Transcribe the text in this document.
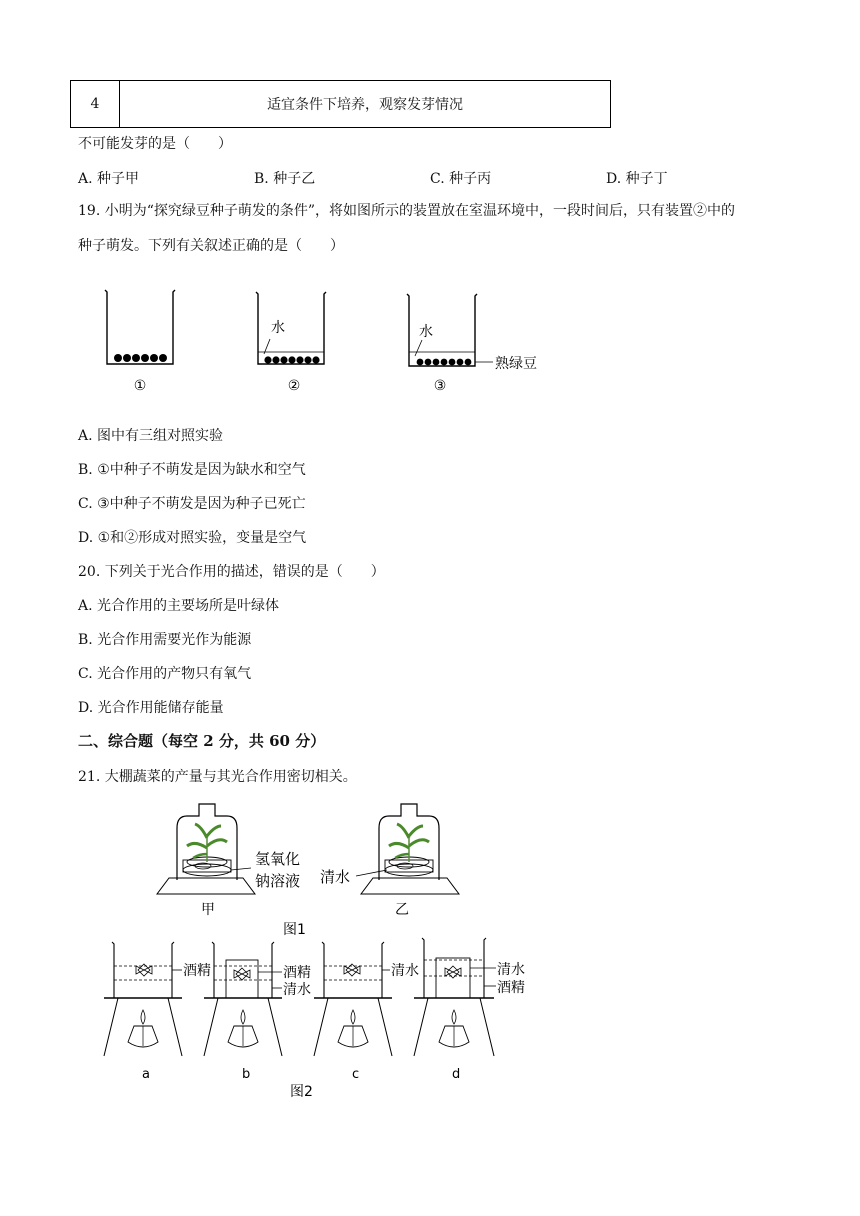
4	适宜条件下培养，观察发芽情况
不可能发芽的是（　　）
A. 种子甲	B. 种子乙	C. 种子丙	D. 种子丁
19. 小明为“探究绿豆种子萌发的条件”，将如图所示的装置放在室温环境中，一段时间后，只有装置②中的
种子萌发。下列有关叙述正确的是（　　）
①
水
②
水
熟绿豆
③
A. 图中有三组对照实验
B. ①中种子不萌发是因为缺水和空气
C. ③中种子不萌发是因为种子已死亡
D. ①和②形成对照实验，变量是空气
20. 下列关于光合作用的描述，错误的是（　　）
A. 光合作用的主要场所是叶绿体
B. 光合作用需要光作为能源
C. 光合作用的产物只有氧气
D. 光合作用能储存能量
二、综合题（每空 2 分，共 60 分）
21. 大棚蔬菜的产量与其光合作用密切相关。
氢氧化
钠溶液
甲
清水
乙
图1
酒精
a
酒精
清水
b
清水
c
清水
酒精
d
图2
